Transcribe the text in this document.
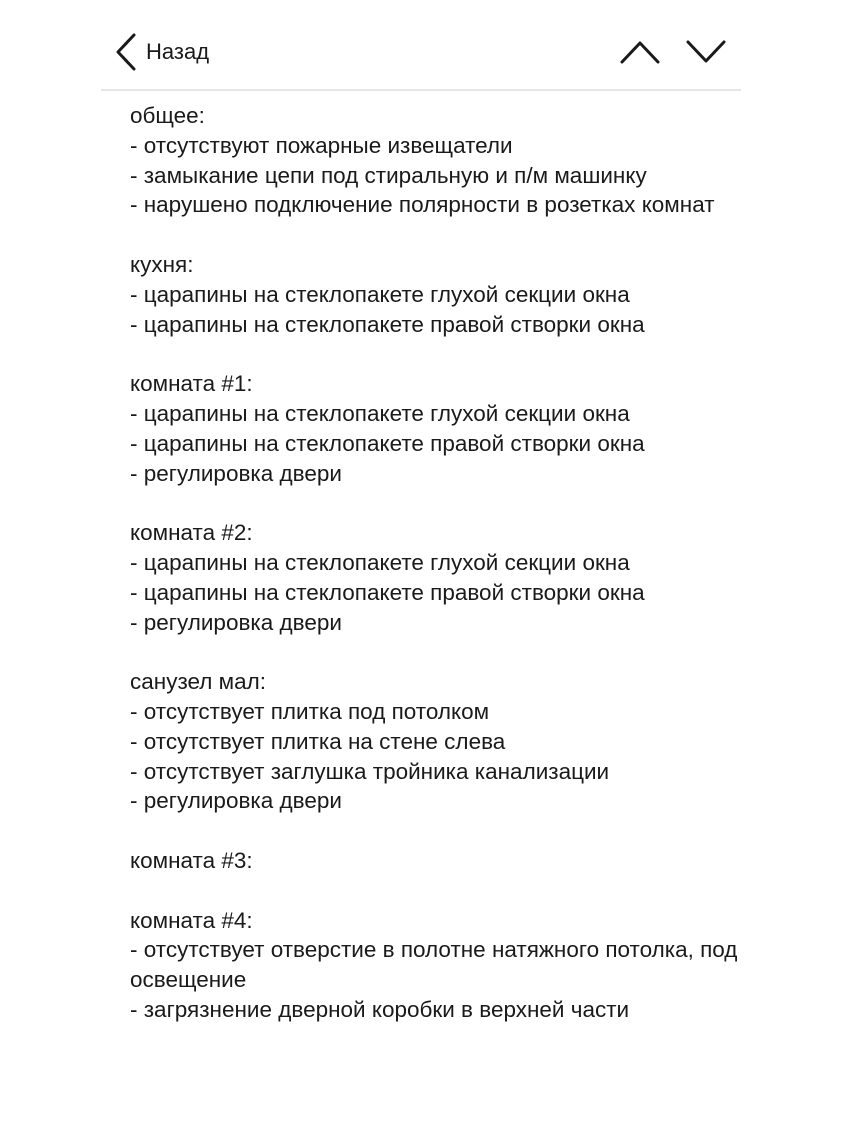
Назад
общее:
- отсутствуют пожарные извещатели
- замыкание цепи под стиральную и п/м машинку
- нарушено подключение полярности в розетках комнат
кухня:
- царапины на стеклопакете глухой секции окна
- царапины на стеклопакете правой створки окна
комната #1:
- царапины на стеклопакете глухой секции окна
- царапины на стеклопакете правой створки окна
- регулировка двери
комната #2:
- царапины на стеклопакете глухой секции окна
- царапины на стеклопакете правой створки окна
- регулировка двери
санузел мал:
- отсутствует плитка под потолком
- отсутствует плитка на стене слева
- отсутствует заглушка тройника канализации
- регулировка двери
комната #3:
комната #4:
- отсутствует отверстие в полотне натяжного потолка, под освещение
- загрязнение дверной коробки в верхней части
